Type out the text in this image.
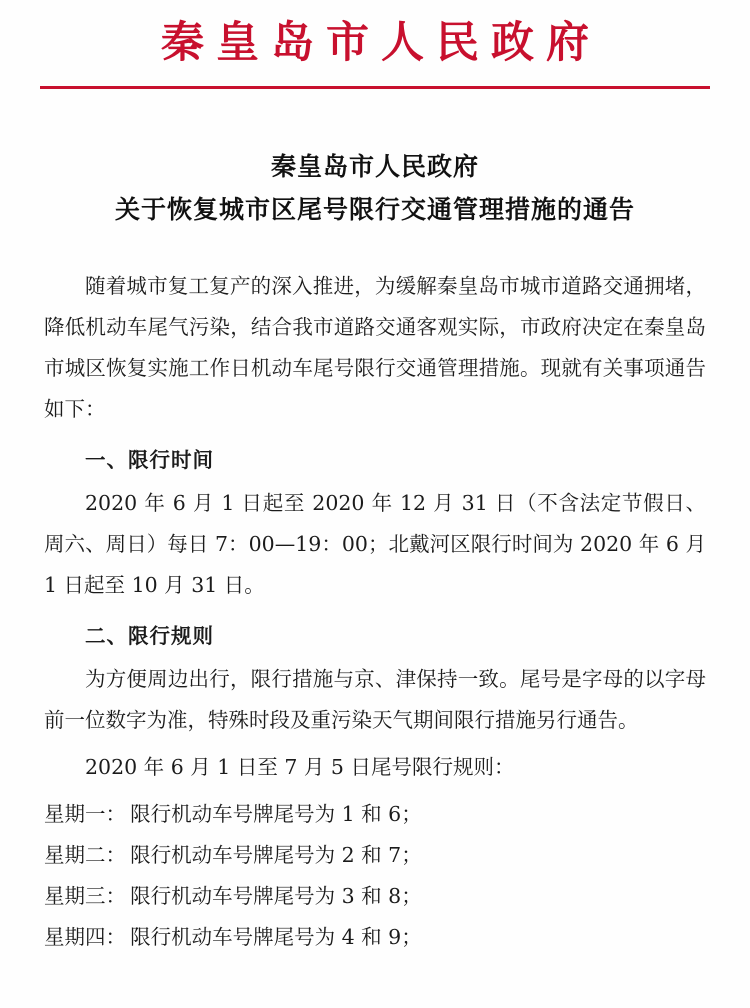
秦皇岛市人民政府
秦皇岛市人民政府
关于恢复城市区尾号限行交通管理措施的通告

随着城市复工复产的深入推进，为缓解秦皇岛市城市道路交通拥堵，降低机动车尾气污染，结合我市道路交通客观实际，市政府决定在秦皇岛市城区恢复实施工作日机动车尾号限行交通管理措施。现就有关事项通告如下：

一、限行时间

2020 年 6 月 1 日起至 2020 年 12 月 31 日（不含法定节假日、周六、周日）每日 7：00—19：00；北戴河区限行时间为 2020 年 6 月 1 日起至 10 月 31 日。

二、限行规则

为方便周边出行，限行措施与京、津保持一致。尾号是字母的以字母前一位数字为准，特殊时段及重污染天气期间限行措施另行通告。

2020 年 6 月 1 日至 7 月 5 日尾号限行规则：

星期一： 限行机动车号牌尾号为 1 和 6；

星期二： 限行机动车号牌尾号为 2 和 7；

星期三： 限行机动车号牌尾号为 3 和 8；

星期四： 限行机动车号牌尾号为 4 和 9；
